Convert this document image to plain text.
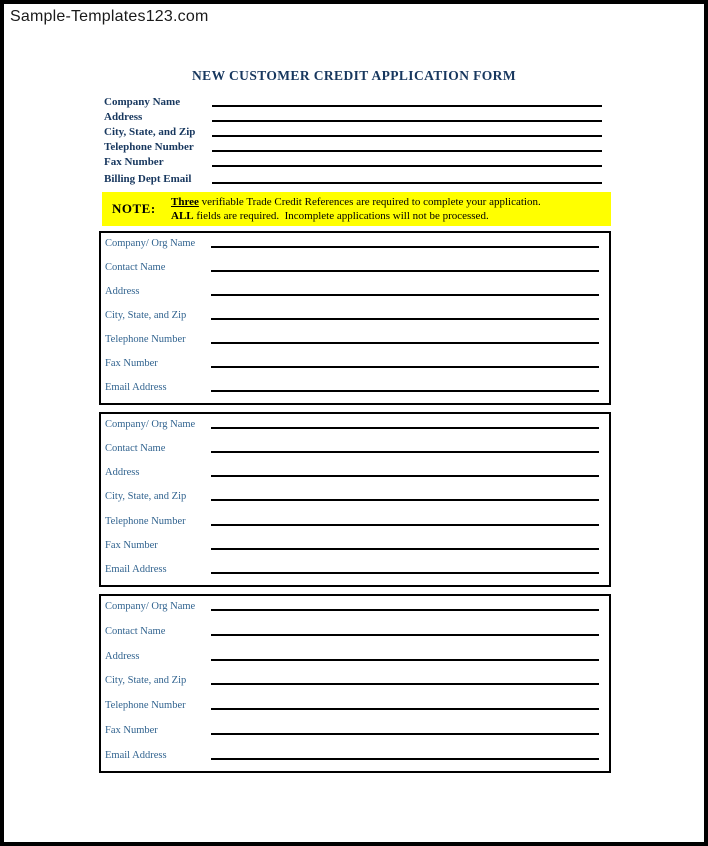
Sample-Templates123.com
NEW CUSTOMER CREDIT APPLICATION FORM
Company Name
Address
City, State, and Zip
Telephone Number
Fax Number
Billing Dept Email
NOTE: Three verifiable Trade Credit References are required to complete your application.
ALL fields are required.  Incomplete applications will not be processed.
Company/ Org Name
Contact Name
Address
City, State, and Zip
Telephone Number
Fax Number
Email Address
Company/ Org Name
Contact Name
Address
City, State, and Zip
Telephone Number
Fax Number
Email Address
Company/ Org Name
Contact Name
Address
City, State, and Zip
Telephone Number
Fax Number
Email Address
